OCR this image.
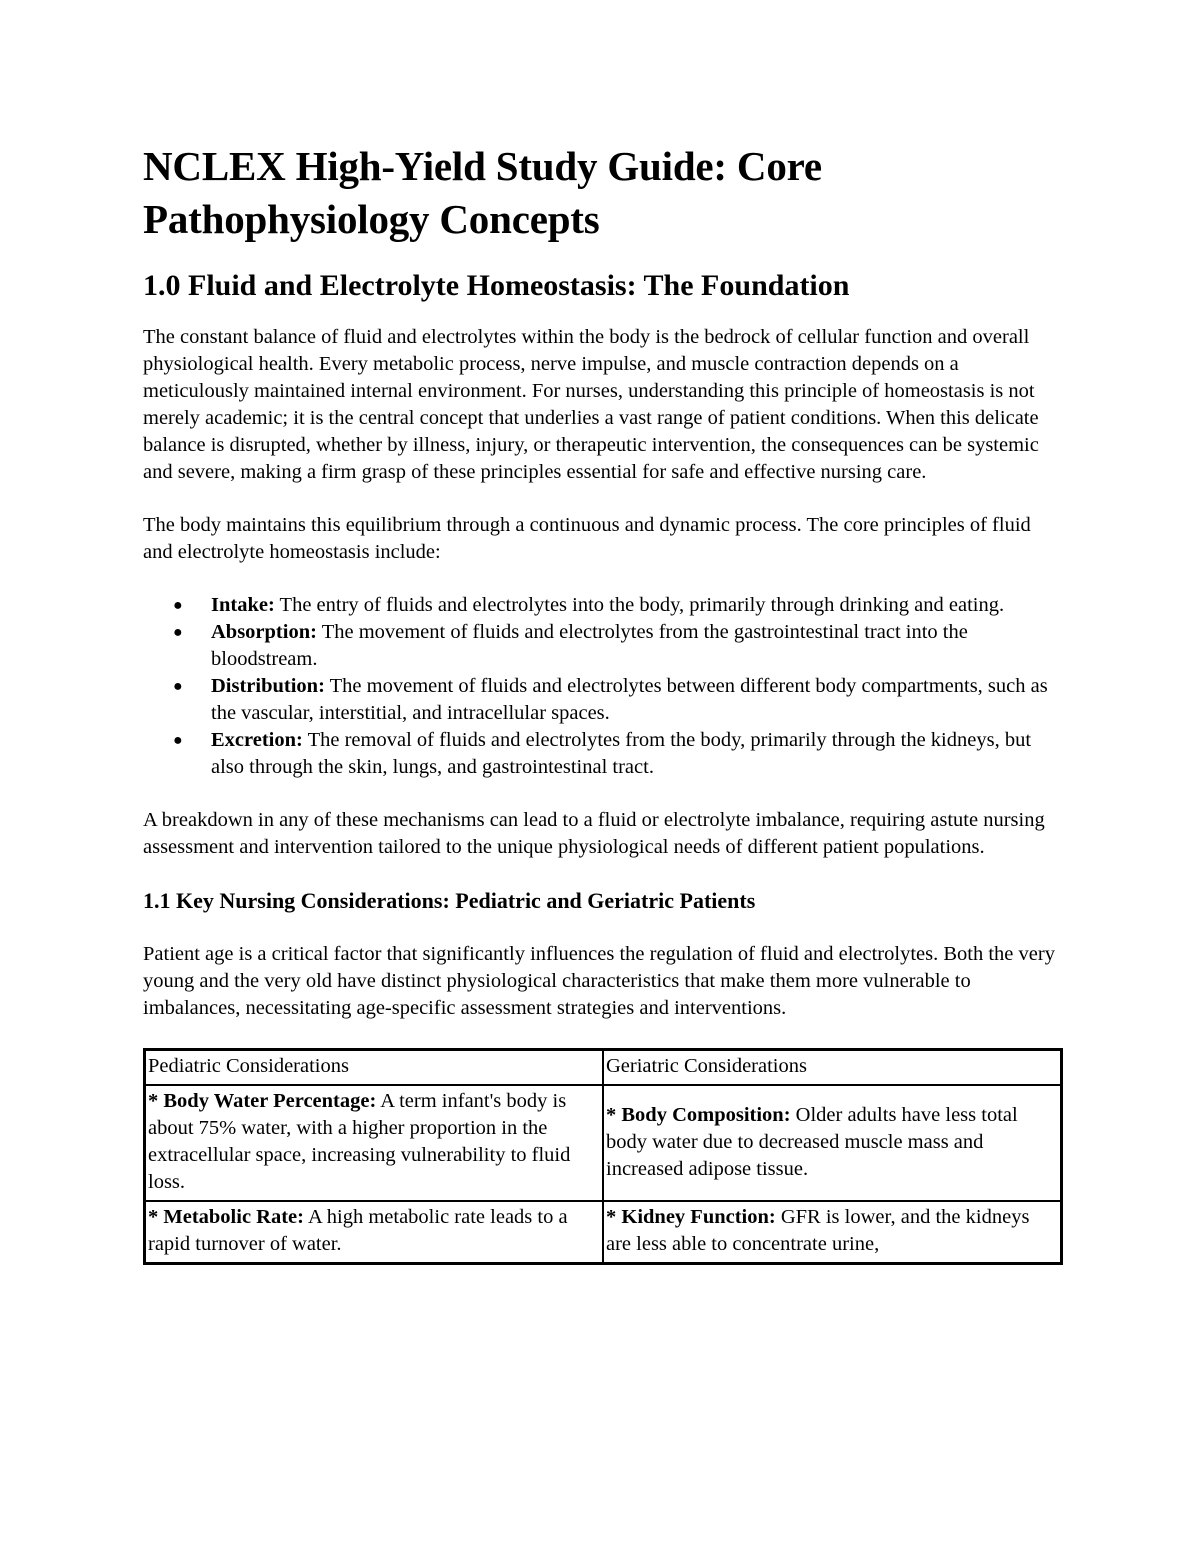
NCLEX High-Yield Study Guide: Core Pathophysiology Concepts
1.0 Fluid and Electrolyte Homeostasis: The Foundation

The constant balance of fluid and electrolytes within the body is the bedrock of cellular function and overall physiological health. Every metabolic process, nerve impulse, and muscle contraction depends on a meticulously maintained internal environment. For nurses, understanding this principle of homeostasis is not merely academic; it is the central concept that underlies a vast range of patient conditions. When this delicate balance is disrupted, whether by illness, injury, or therapeutic intervention, the consequences can be systemic and severe, making a firm grasp of these principles essential for safe and effective nursing care.

The body maintains this equilibrium through a continuous and dynamic process. The core principles of fluid and electrolyte homeostasis include:

● Intake: The entry of fluids and electrolytes into the body, primarily through drinking and eating.
● Absorption: The movement of fluids and electrolytes from the gastrointestinal tract into the bloodstream.
● Distribution: The movement of fluids and electrolytes between different body compartments, such as the vascular, interstitial, and intracellular spaces.
● Excretion: The removal of fluids and electrolytes from the body, primarily through the kidneys, but also through the skin, lungs, and gastrointestinal tract.

A breakdown in any of these mechanisms can lead to a fluid or electrolyte imbalance, requiring astute nursing assessment and intervention tailored to the unique physiological needs of different patient populations.

1.1 Key Nursing Considerations: Pediatric and Geriatric Patients

Patient age is a critical factor that significantly influences the regulation of fluid and electrolytes. Both the very young and the very old have distinct physiological characteristics that make them more vulnerable to imbalances, necessitating age-specific assessment strategies and interventions.

Pediatric Considerations	Geriatric Considerations
* Body Water Percentage: A term infant's body is about 75% water, with a higher proportion in the extracellular space, increasing vulnerability to fluid loss.	* Body Composition: Older adults have less total body water due to decreased muscle mass and increased adipose tissue.
* Metabolic Rate: A high metabolic rate leads to a rapid turnover of water.	* Kidney Function: GFR is lower, and the kidneys are less able to concentrate urine,
